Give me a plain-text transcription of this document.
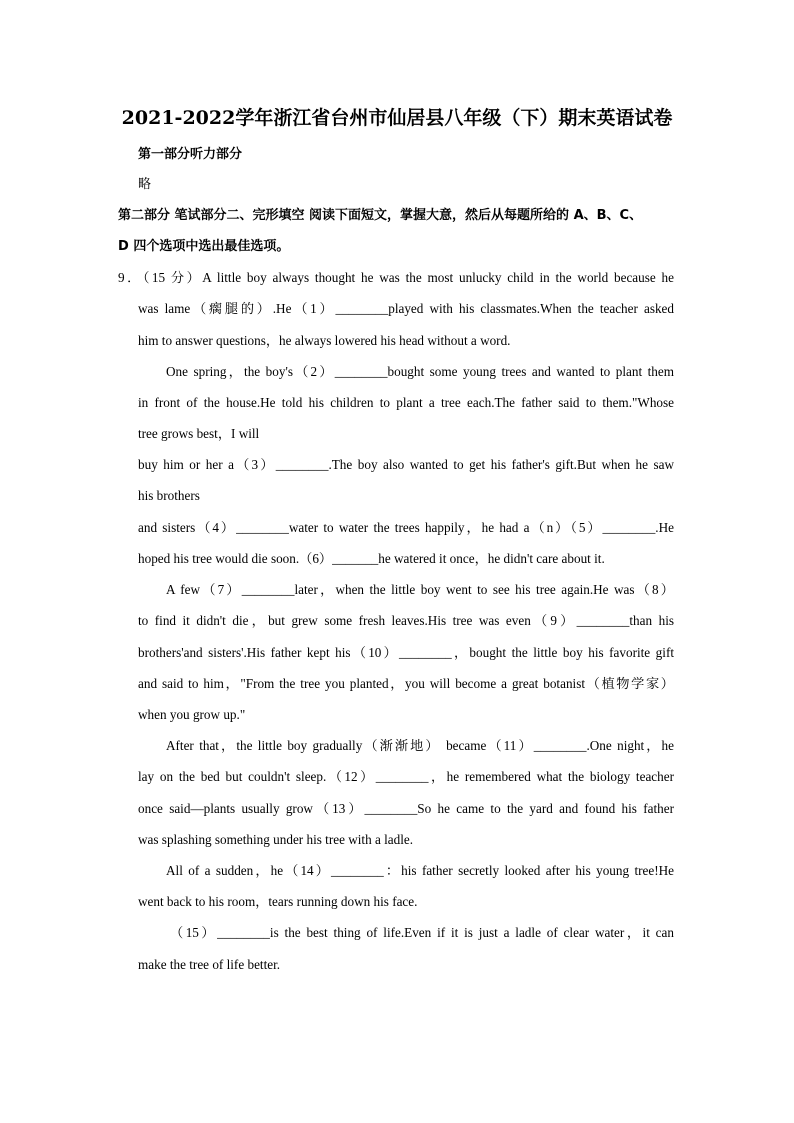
2021-2022学年浙江省台州市仙居县八年级（下）期末英语试卷
第一部分听力部分
略
第二部分 笔试部分二、完形填空 阅读下面短文，掌握大意，然后从每题所给的 A、B、C、
D 四个选项中选出最佳选项。
9．（15 分）A little boy always thought he was the most unlucky child in the world because he
was lame（瘸腿的）.He（1）________played with his classmates.When the teacher asked
him to answer questions，he always lowered his head without a word.
One spring，the boy's（2）________bought some young trees and wanted to plant them
in front of the house.He told his children to plant a tree each.The father said to them."Whose
tree grows best，I will
buy him or her a（3）________.The boy also wanted to get his father's gift.But when he saw
his brothers
and sisters（4）________water to water the trees happily，he had a（n）（5）________.He
hoped his tree would die soon.（6）_______he watered it once，he didn't care about it.
A few（7）________later，when the little boy went to see his tree again.He was（8）
to find it didn't die，but grew some fresh leaves.His tree was even（9）________than his
brothers'and sisters'.His father kept his（10）________，bought the little boy his favorite gift
and said to him，"From the tree you planted，you will become a great botanist（植物学家）
when you grow up."
After that，the little boy gradually（渐渐地） became（11）________.One night，he
lay on the bed but couldn't sleep.（12）________，he remembered what the biology teacher
once said—plants usually grow（13）________So he came to the yard and found his father
was splashing something under his tree with a ladle.
All of a sudden，he（14）________：his father secretly looked after his young tree!He
went back to his room，tears running down his face.
（15）________is the best thing of life.Even if it is just a ladle of clear water，it can
make the tree of life better.
